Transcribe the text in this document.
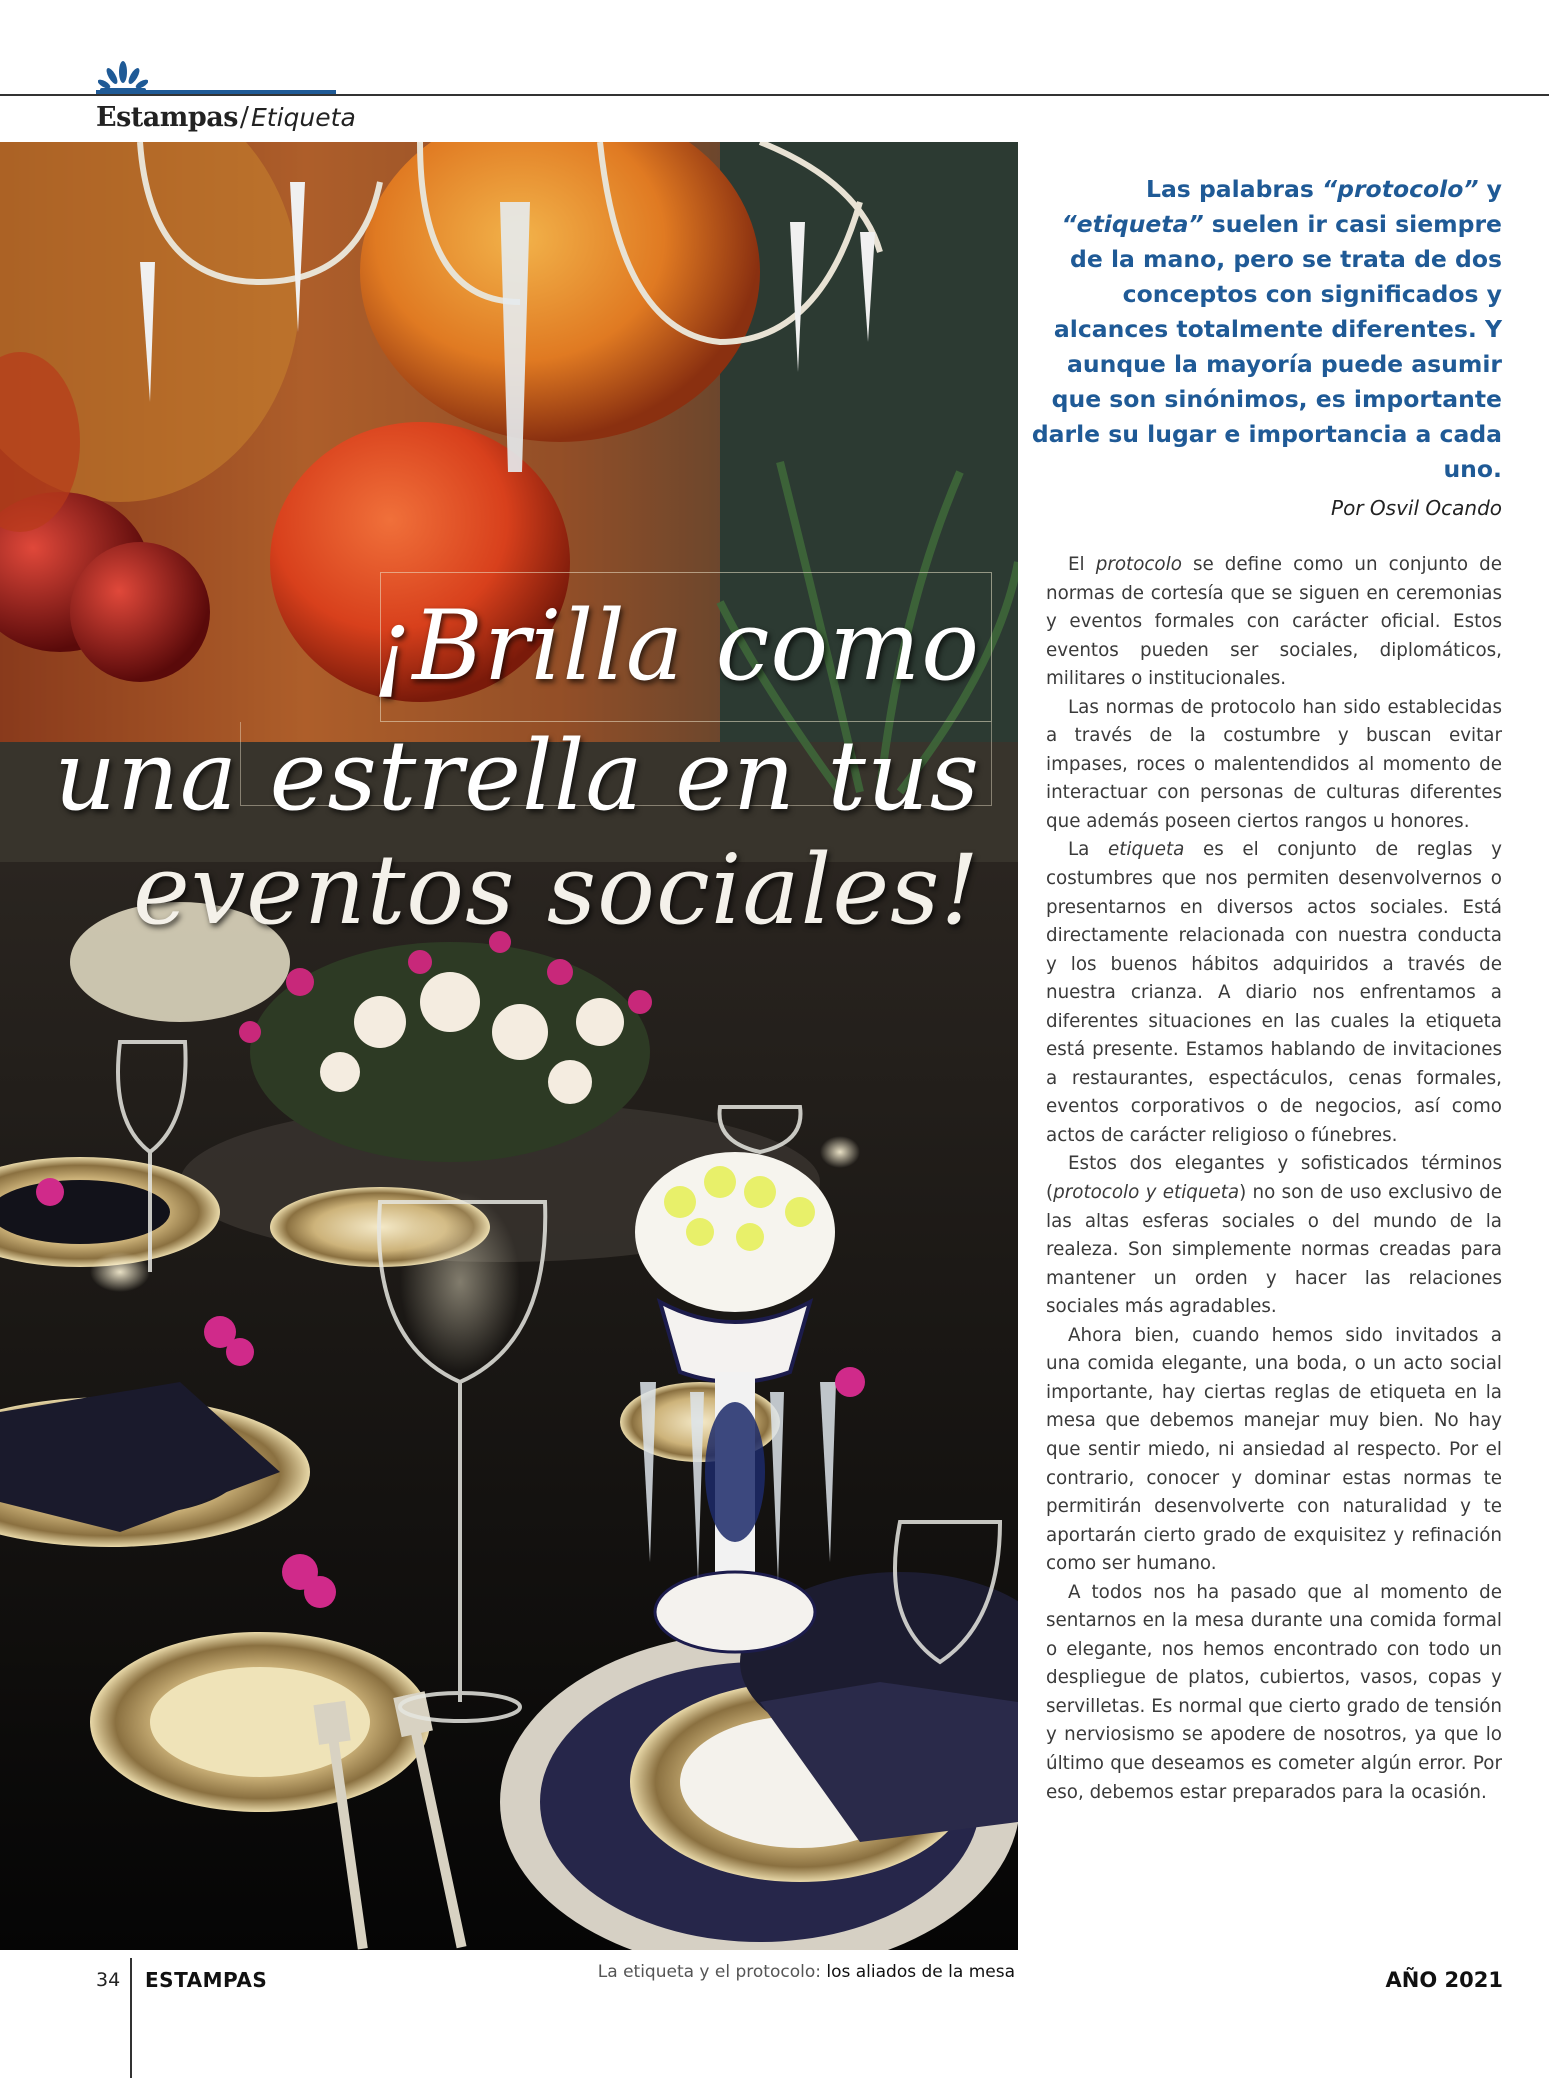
Estampas/Etiqueta
¡Brilla como
una estrella en tus
eventos sociales!
Las palabras “protocolo” y “etiqueta” suelen ir casi siempre de la mano, pero se trata de dos conceptos con significados y alcances totalmente diferentes. Y aunque la mayoría puede asumir que son sinónimos, es importante darle su lugar e importancia a cada uno.
Por Osvil Ocando

El protocolo se define como un conjunto de normas de cortesía que se siguen en ceremonias y eventos formales con carácter oficial. Estos eventos pueden ser sociales, diplomáticos, militares o institucionales.

Las normas de protocolo han sido establecidas a través de la costumbre y buscan evitar impases, roces o malentendidos al momento de interactuar con personas de culturas diferentes que además poseen ciertos rangos u honores.

La etiqueta es el conjunto de reglas y costumbres que nos permiten desenvolvernos o presentarnos en diversos actos sociales. Está directamente relacionada con nuestra conducta y los buenos hábitos adquiridos a través de nuestra crianza. A diario nos enfrentamos a diferentes situaciones en las cuales la etiqueta está presente. Estamos hablando de invitaciones a restaurantes, espectáculos, cenas formales, eventos corporativos o de negocios, así como actos de carácter religioso o fúnebres.

Estos dos elegantes y sofisticados términos (protocolo y etiqueta) no son de uso exclusivo de las altas esferas sociales o del mundo de la realeza. Son simplemente normas creadas para mantener un orden y hacer las relaciones sociales más agradables.

Ahora bien, cuando hemos sido invitados a una comida elegante, una boda, o un acto social importante, hay ciertas reglas de etiqueta en la mesa que debemos manejar muy bien. No hay que sentir miedo, ni ansiedad al respecto. Por el contrario, conocer y dominar estas normas te permitirán desenvolverte con naturalidad y te aportarán cierto grado de exquisitez y refinación como ser humano.

A todos nos ha pasado que al momento de sentarnos en la mesa durante una comida formal o elegante, nos hemos encontrado con todo un despliegue de platos, cubiertos, vasos, copas y servilletas. Es normal que cierto grado de tensión y nerviosismo se apodere de nosotros, ya que lo último que deseamos es cometer algún error. Por eso, debemos estar preparados para la ocasión.

La etiqueta y el protocolo: los aliados de la mesa
34 ESTAMPAS	AÑO 2021
